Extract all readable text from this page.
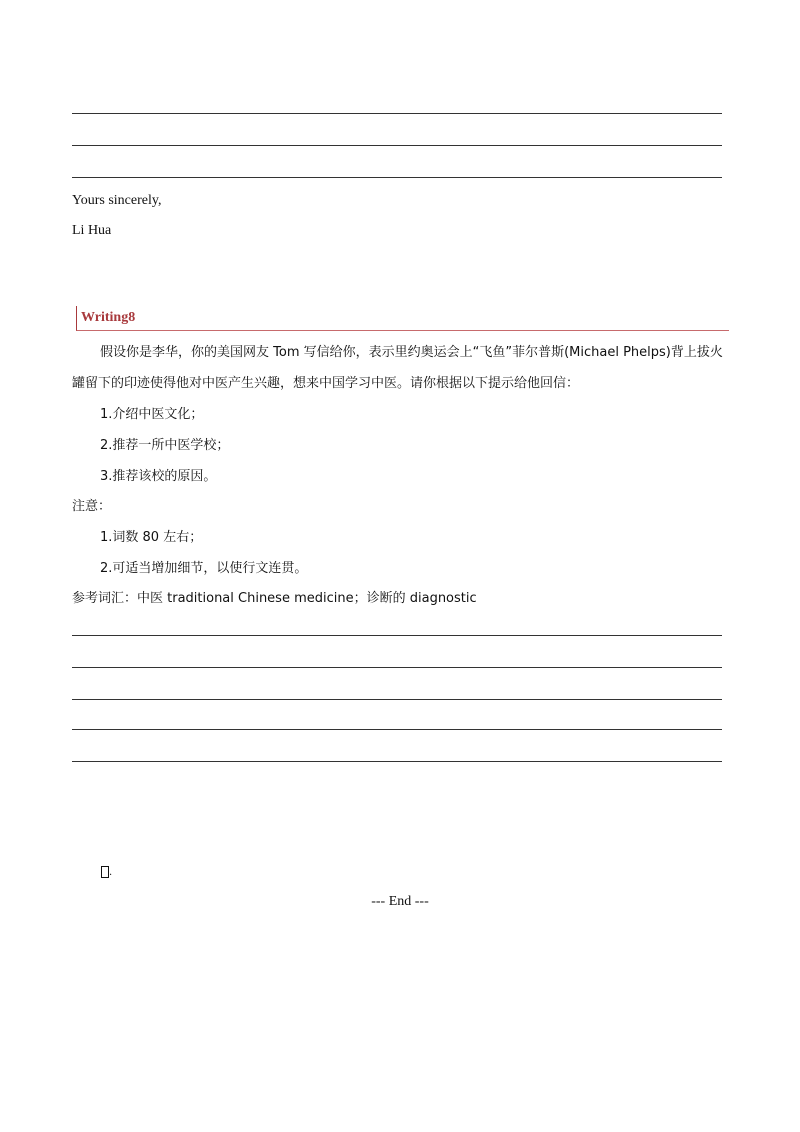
Yours sincerely,
Li Hua
Writing8
假设你是李华，你的美国网友 Tom 写信给你，表示里约奥运会上“飞鱼”菲尔普斯(Michael Phelps)背上拔火罐留下的印迹使得他对中医产生兴趣，想来中国学习中医。请你根据以下提示给他回信：
1.介绍中医文化；
2.推荐一所中医学校；
3.推荐该校的原因。
注意：
1.词数 80 左右；
2.可适当增加细节，以使行文连贯。
参考词汇：中医 traditional Chinese medicine；诊断的 diagnostic
.
--- End ---
